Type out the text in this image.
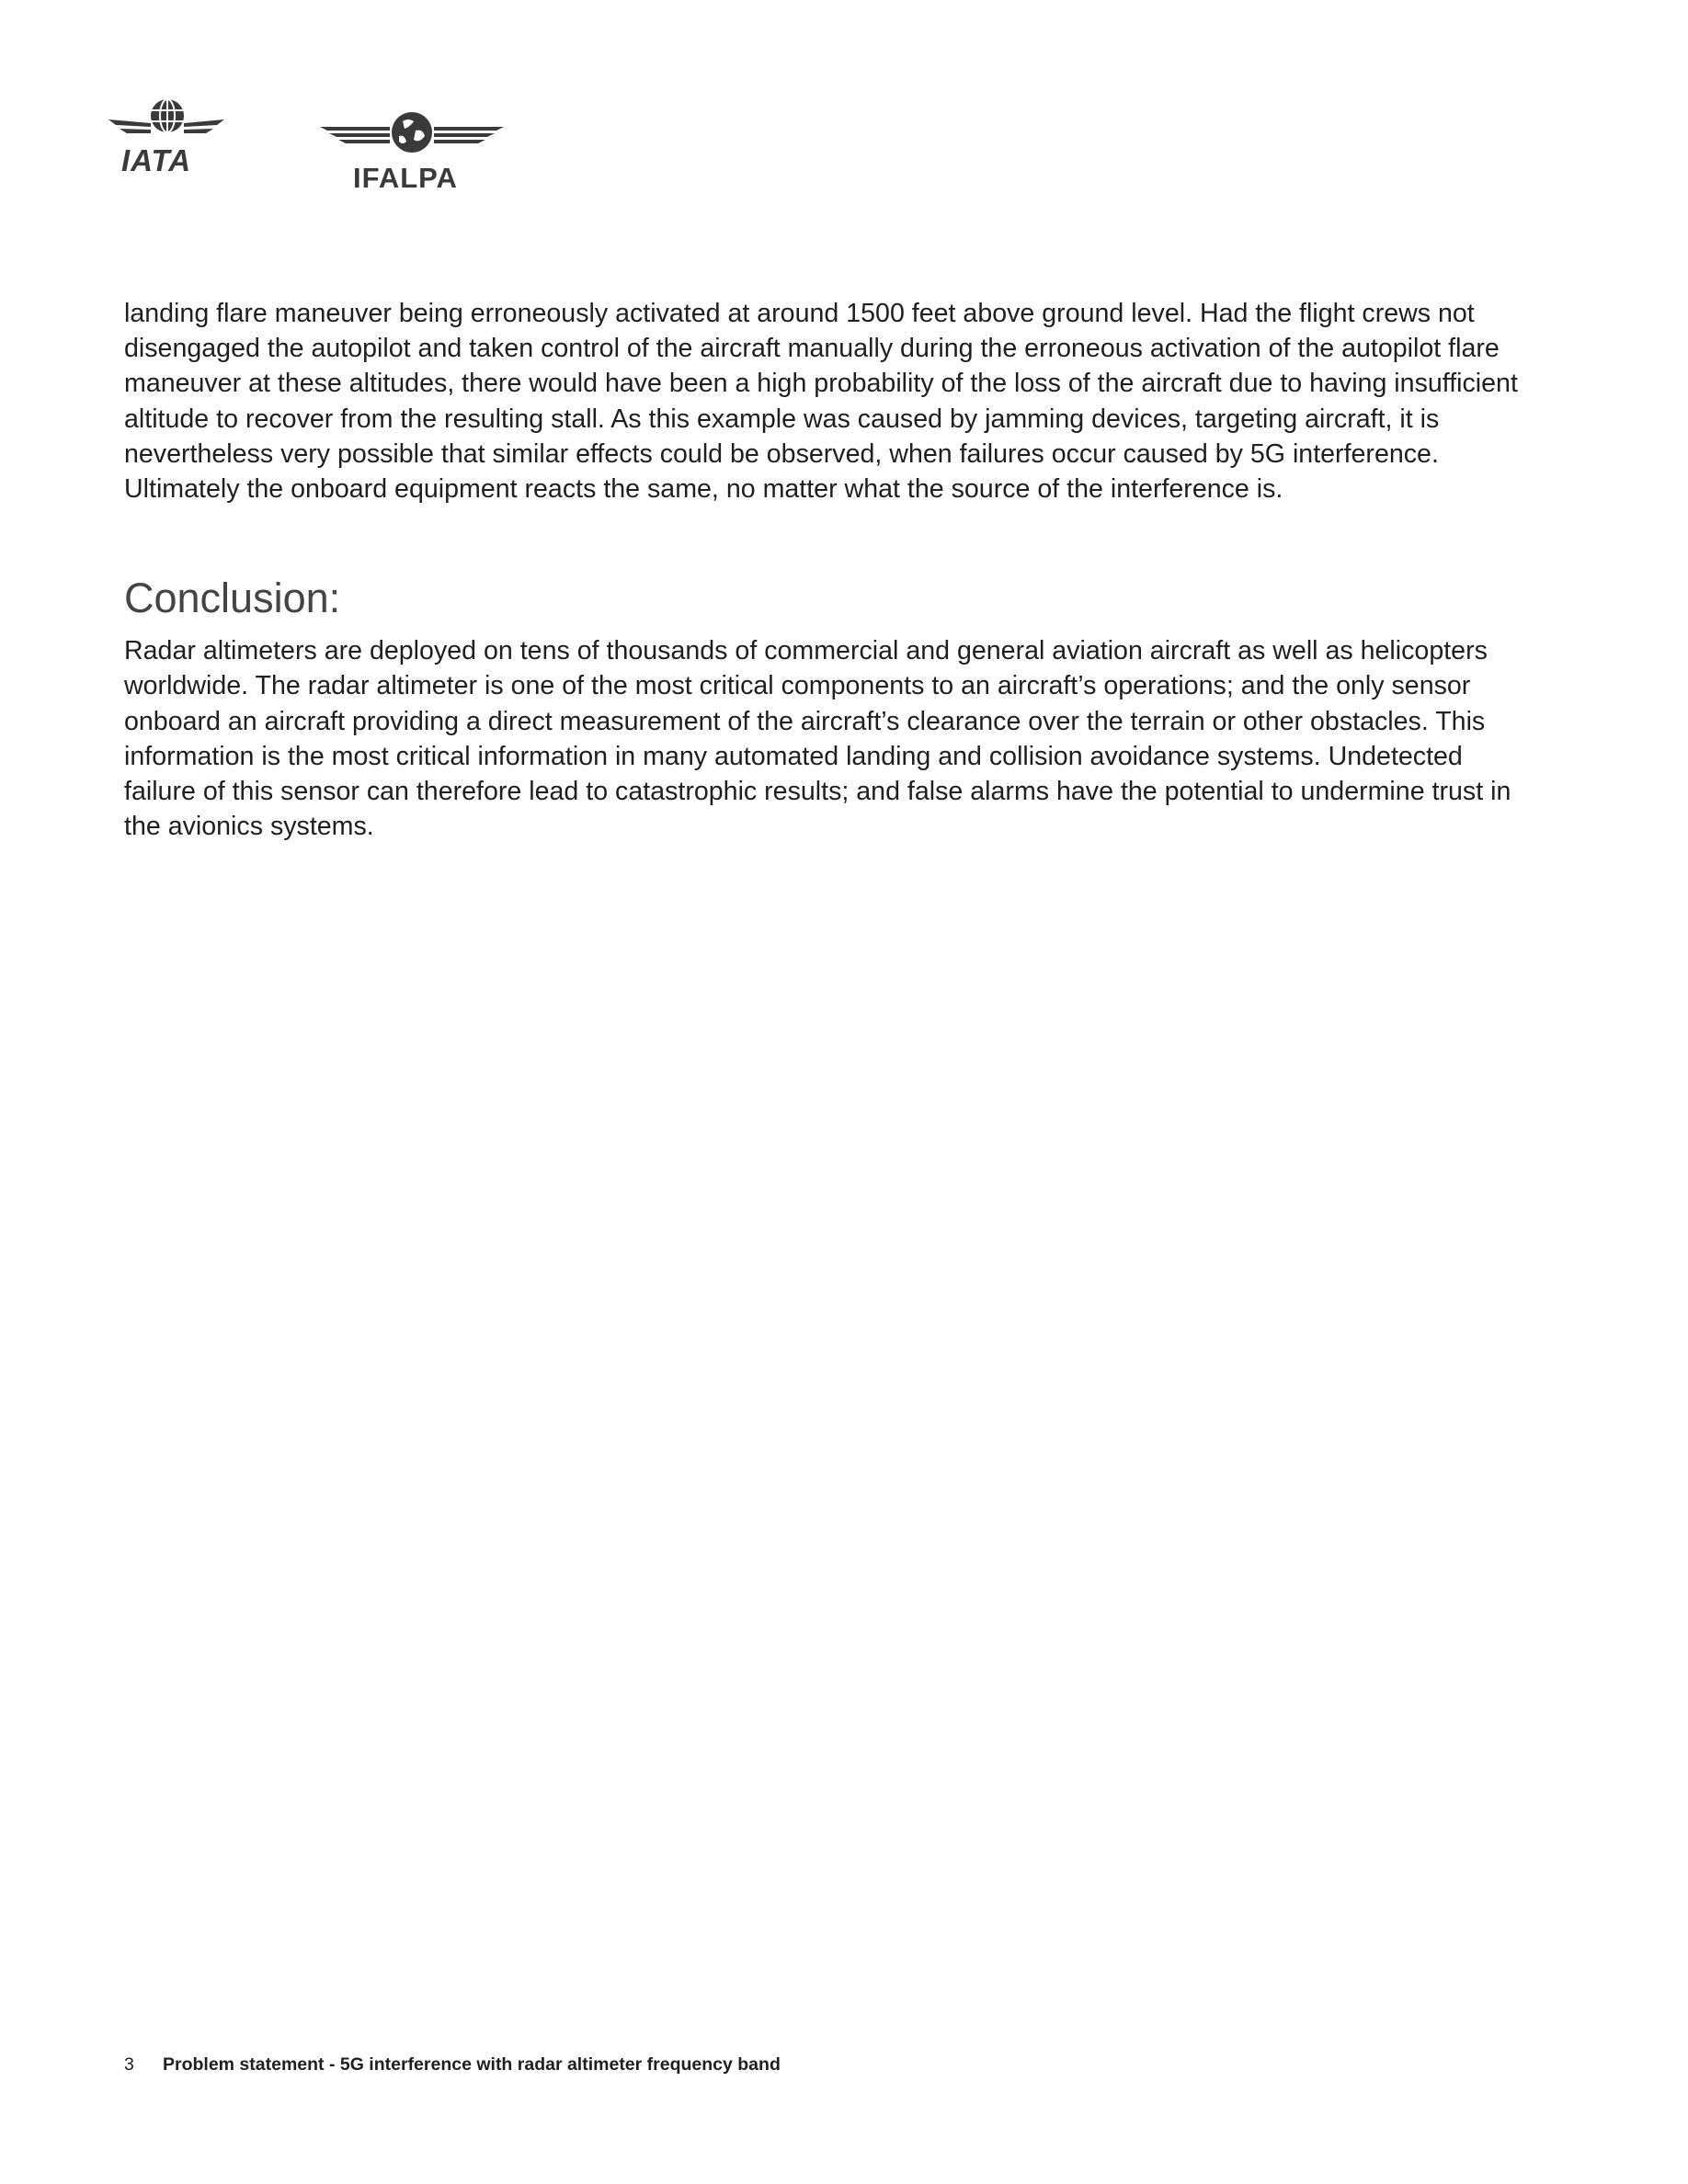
IATA
IFALPA

landing flare maneuver being erroneously activated at around 1500 feet above ground level. Had the flight crews not disengaged the autopilot and taken control of the aircraft manually during the erroneous activation of the autopilot flare maneuver at these altitudes, there would have been a high probability of the loss of the aircraft due to having insufficient altitude to recover from the resulting stall. As this example was caused by jamming devices, targeting aircraft, it is nevertheless very possible that similar effects could be observed, when failures occur caused by 5G interference. Ultimately the onboard equipment reacts the same, no matter what the source of the interference is.

Conclusion:

Radar altimeters are deployed on tens of thousands of commercial and general aviation aircraft as well as helicopters worldwide. The radar altimeter is one of the most critical components to an aircraft’s operations; and the only sensor onboard an aircraft providing a direct measurement of the aircraft’s clearance over the terrain or other obstacles. This information is the most critical information in many automated landing and collision avoidance systems. Undetected failure of this sensor can therefore lead to catastrophic results; and false alarms have the potential to undermine trust in the avionics systems.

3 Problem statement - 5G interference with radar altimeter frequency band
